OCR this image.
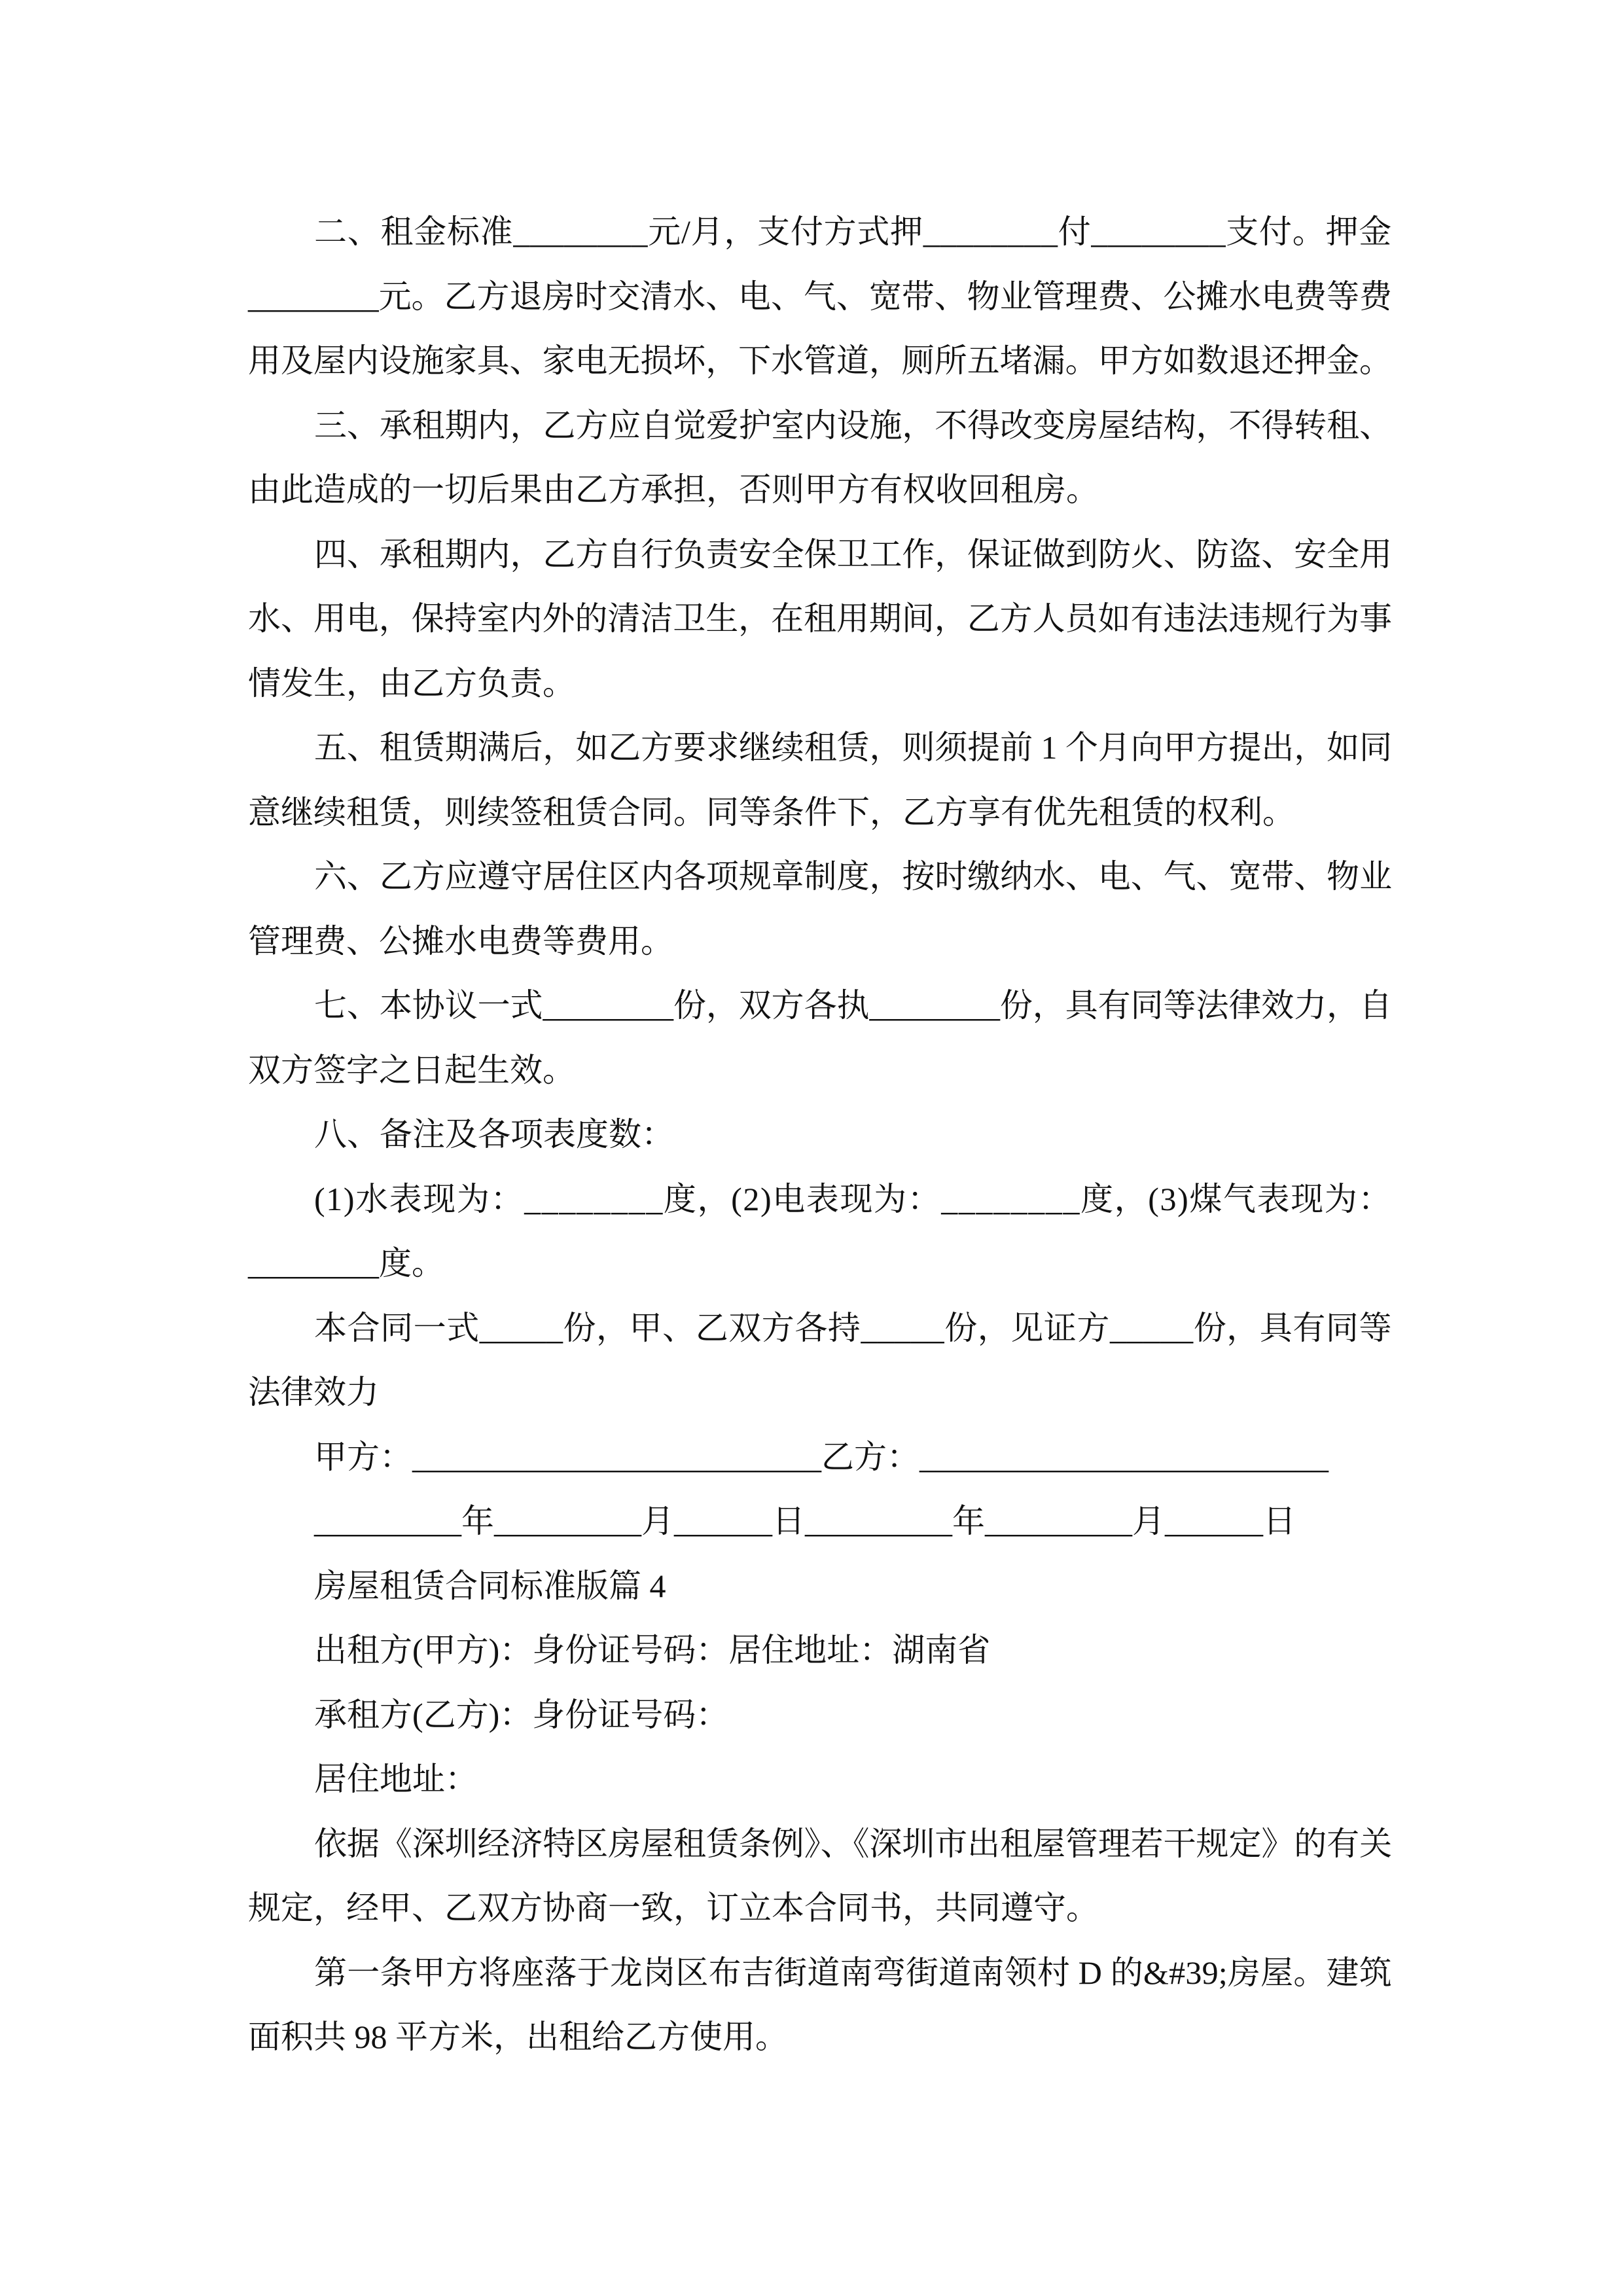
二、租金标准________元/月，支付方式押________付________支付。押金
________元。乙方退房时交清水、电、气、宽带、物业管理费、公摊水电费等费
用及屋内设施家具、家电无损坏，下水管道，厕所五堵漏。甲方如数退还押金。
三、承租期内，乙方应自觉爱护室内设施，不得改变房屋结构，不得转租、
由此造成的一切后果由乙方承担，否则甲方有权收回租房。
四、承租期内，乙方自行负责安全保卫工作，保证做到防火、防盗、安全用
水、用电，保持室内外的清洁卫生，在租用期间，乙方人员如有违法违规行为事
情发生，由乙方负责。
五、租赁期满后，如乙方要求继续租赁，则须提前 1 个月向甲方提出，如同
意继续租赁，则续签租赁合同。同等条件下，乙方享有优先租赁的权利。
六、乙方应遵守居住区内各项规章制度，按时缴纳水、电、气、宽带、物业
管理费、公摊水电费等费用。
七、本协议一式________份，双方各执________份，具有同等法律效力，自
双方签字之日起生效。
八、备注及各项表度数：
(1)水表现为：________度，(2)电表现为：________度，(3)煤气表现为：
________度。
本合同一式_____份，甲、乙双方各持_____份，见证方_____份，具有同等
法律效力
甲方：_________________________乙方：_________________________
_________年_________月______日_________年_________月______日
房屋租赁合同标准版篇 4
出租方(甲方)：身份证号码：居住地址：湖南省
承租方(乙方)：身份证号码：
居住地址：
依据《深圳经济特区房屋租赁条例》、《深圳市出租屋管理若干规定》的有关
规定，经甲、乙双方协商一致，订立本合同书，共同遵守。
第一条甲方将座落于龙岗区布吉街道南弯街道南领村 D 的&#39;房屋。建筑
面积共 98 平方米，出租给乙方使用。
